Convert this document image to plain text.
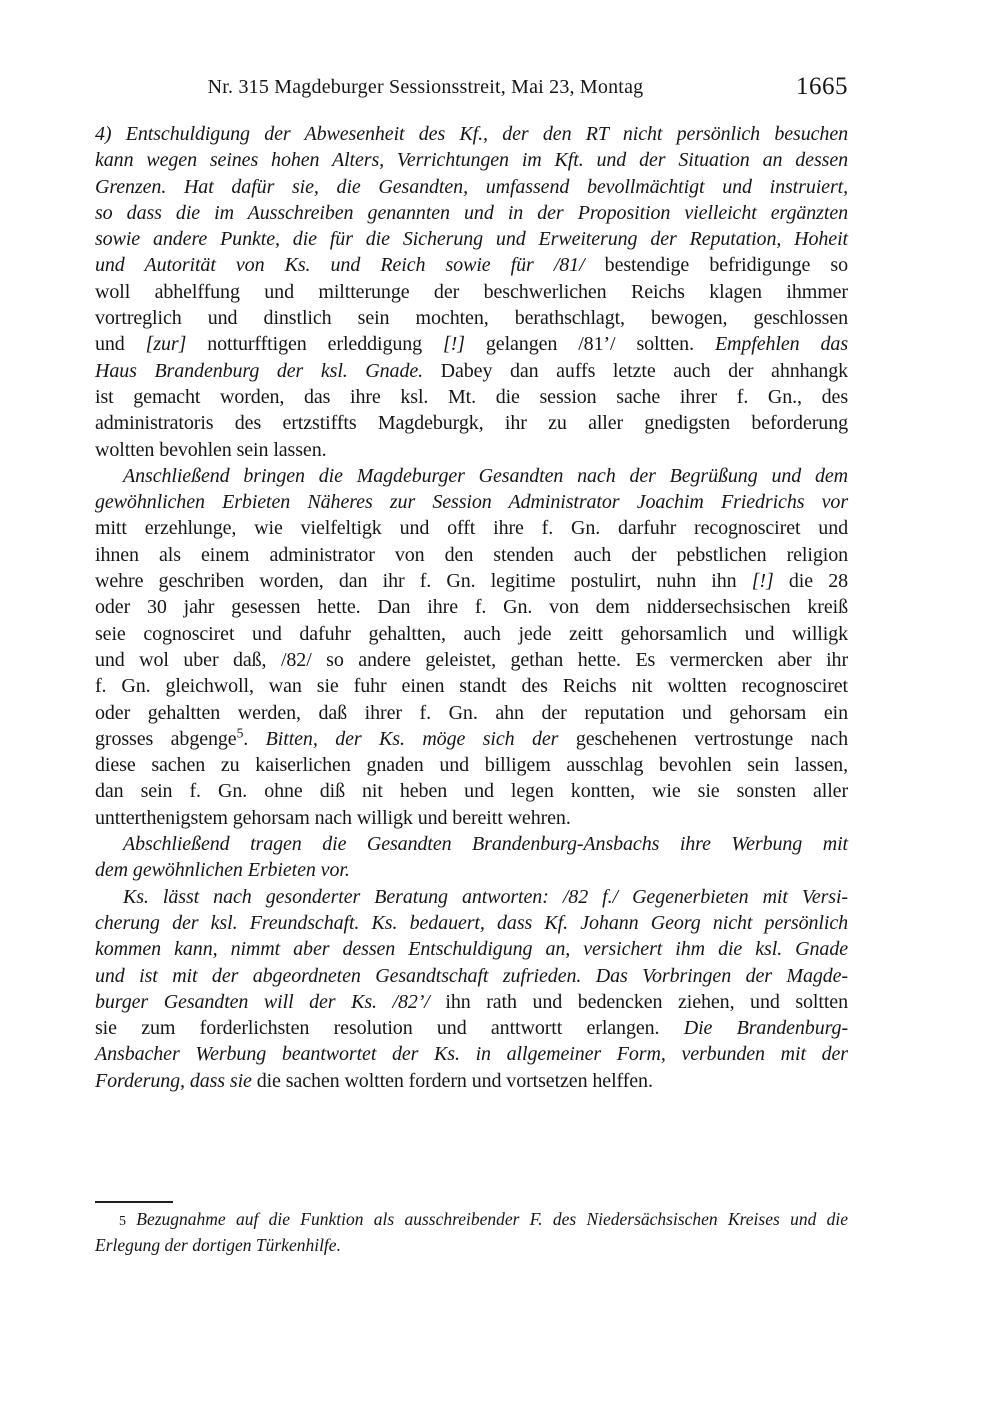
Nr. 315 Magdeburger Sessionsstreit, Mai 23, Montag	1665
4) Entschuldigung der Abwesenheit des Kf., der den RT nicht persönlich besuchen
kann wegen seines hohen Alters, Verrichtungen im Kft. und der Situation an dessen
Grenzen. Hat dafür sie, die Gesandten, umfassend bevollmächtigt und instruiert,
so dass die im Ausschreiben genannten und in der Proposition vielleicht ergänzten
sowie andere Punkte, die für die Sicherung und Erweiterung der Reputation, Hoheit
und Autorität von Ks. und Reich sowie für /81/ bestendige befridigunge so
woll abhelffung und miltterunge der beschwerlichen Reichs klagen ihmmer
vortreglich und dinstlich sein mochten, berathschlagt, bewogen, geschlossen
und [zur] notturfftigen erleddigung [!] gelangen /81’/ soltten. Empfehlen das
Haus Brandenburg der ksl. Gnade. Dabey dan auffs letzte auch der ahnhangk
ist gemacht worden, das ihre ksl. Mt. die session sache ihrer f. Gn., des
administratoris des ertzstiffts Magdeburgk, ihr zu aller gnedigsten beforderung
woltten bevohlen sein lassen.
Anschließend bringen die Magdeburger Gesandten nach der Begrüßung und dem
gewöhnlichen Erbieten Näheres zur Session Administrator Joachim Friedrichs vor
mitt erzehlunge, wie vielfeltigk und offt ihre f. Gn. darfuhr recognosciret und
ihnen als einem administrator von den stenden auch der pebstlichen religion
wehre geschriben worden, dan ihr f. Gn. legitime postulirt, nuhn ihn [!] die 28
oder 30 jahr gesessen hette. Dan ihre f. Gn. von dem niddersechsischen kreiß
seie cognosciret und dafuhr gehaltten, auch jede zeitt gehorsamlich und willigk
und wol uber daß, /82/ so andere geleistet, gethan hette. Es vermercken aber ihr
f. Gn. gleichwoll, wan sie fuhr einen standt des Reichs nit woltten recognosciret
oder gehaltten werden, daß ihrer f. Gn. ahn der reputation und gehorsam ein
grosses abgenge$^5$. Bitten, der Ks. möge sich der geschehenen vertrostunge nach
diese sachen zu kaiserlichen gnaden und billigem ausschlag bevohlen sein lassen,
dan sein f. Gn. ohne diß nit heben und legen kontten, wie sie sonsten aller
untterthenigstem gehorsam nach willigk und bereitt wehren.
Abschließend tragen die Gesandten Brandenburg-Ansbachs ihre Werbung mit
dem gewöhnlichen Erbieten vor.
Ks. lässt nach gesonderter Beratung antworten: /82 f./ Gegenerbieten mit Versi-
cherung der ksl. Freundschaft. Ks. bedauert, dass Kf. Johann Georg nicht persönlich
kommen kann, nimmt aber dessen Entschuldigung an, versichert ihm die ksl. Gnade
und ist mit der abgeordneten Gesandtschaft zufrieden. Das Vorbringen der Magde-
burger Gesandten will der Ks. /82’/ ihn rath und bedencken ziehen, und soltten
sie zum forderlichsten resolution und anttwortt erlangen. Die Brandenburg-
Ansbacher Werbung beantwortet der Ks. in allgemeiner Form, verbunden mit der
Forderung, dass sie die sachen woltten fordern und vortsetzen helffen.
$^5$ Bezugnahme auf die Funktion als ausschreibender F. des Niedersächsischen Kreises und die
Erlegung der dortigen Türkenhilfe.
